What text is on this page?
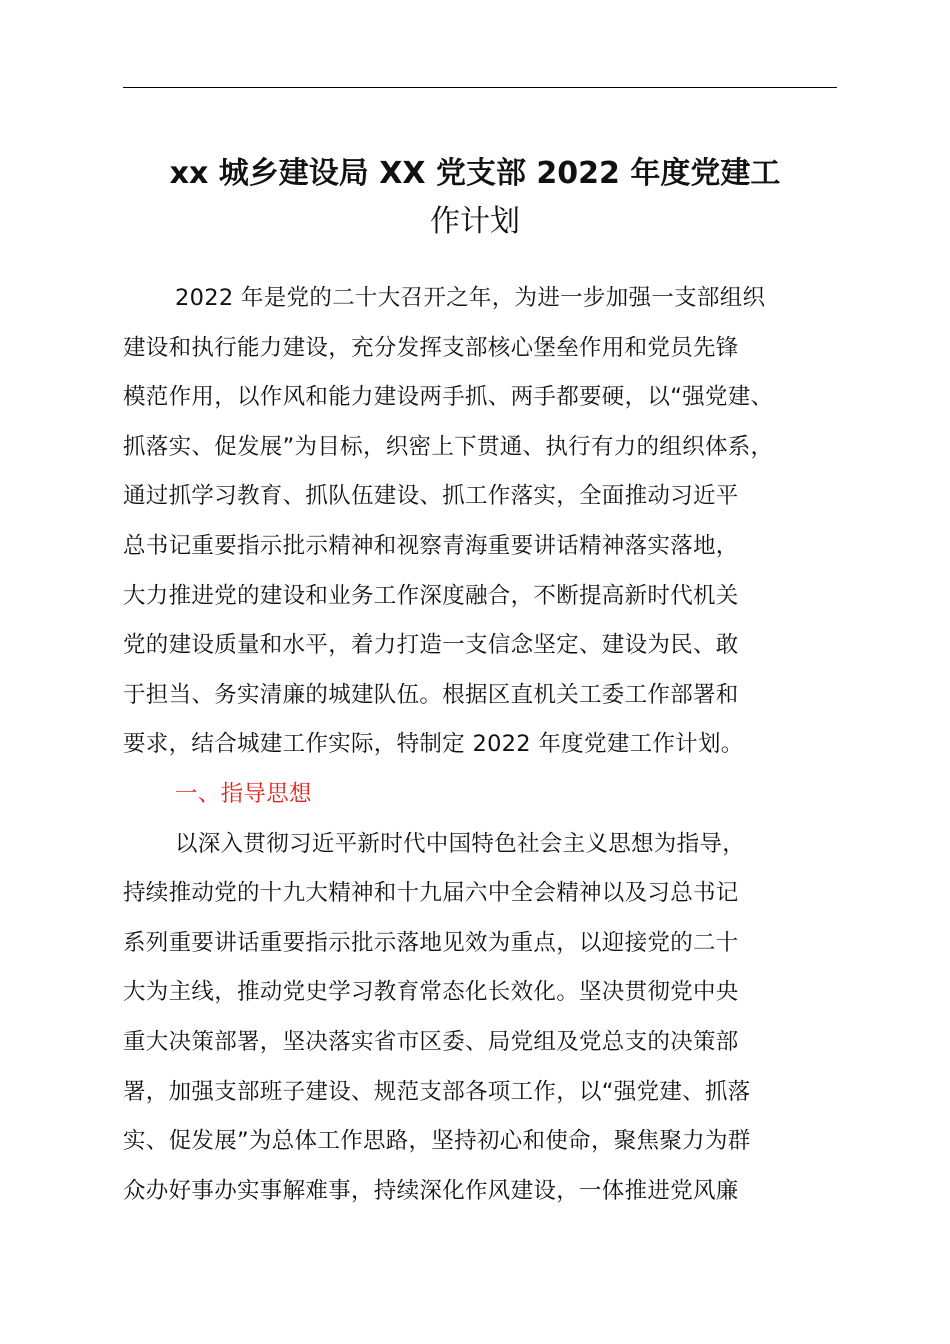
xx 城乡建设局 XX 党支部 2022 年度党建工
作计划
2022 年是党的二十大召开之年，为进一步加强一支部组织
建设和执行能力建设，充分发挥支部核心堡垒作用和党员先锋
模范作用，以作风和能力建设两手抓、两手都要硬，以“强党建、
抓落实、促发展”为目标，织密上下贯通、执行有力的组织体系，
通过抓学习教育、抓队伍建设、抓工作落实，全面推动习近平
总书记重要指示批示精神和视察青海重要讲话精神落实落地，
大力推进党的建设和业务工作深度融合，不断提高新时代机关
党的建设质量和水平，着力打造一支信念坚定、建设为民、敢
于担当、务实清廉的城建队伍。根据区直机关工委工作部署和
要求，结合城建工作实际，特制定 2022 年度党建工作计划。
一、指导思想
以深入贯彻习近平新时代中国特色社会主义思想为指导，
持续推动党的十九大精神和十九届六中全会精神以及习总书记
系列重要讲话重要指示批示落地见效为重点，以迎接党的二十
大为主线，推动党史学习教育常态化长效化。坚决贯彻党中央
重大决策部署，坚决落实省市区委、局党组及党总支的决策部
署，加强支部班子建设、规范支部各项工作，以“强党建、抓落
实、促发展”为总体工作思路，坚持初心和使命，聚焦聚力为群
众办好事办实事解难事，持续深化作风建设，一体推进党风廉
